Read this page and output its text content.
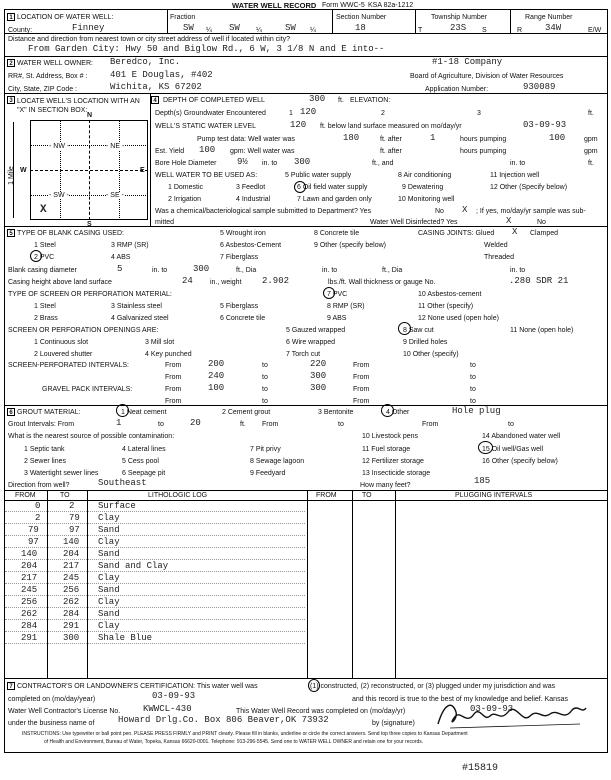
WATER WELL RECORD Form WWC-5 KSA 82a-1212
1 LOCATION OF WATER WELL:	Fraction	Section Number	Township Number	Range Number
County:	Finney	SW ¼ SW ¼	SW ¼	18	T	23S S	R	34W	E/W
Distance and direction from nearest town or city street address of well if located within city?
From Garden City: Hwy 50 and Biglow Rd., 6 W, 3 1/8 N and E into--
2 WATER WELL OWNER: Beredco, Inc.	#1-18 Company
RR#, St. Address, Box # :	401 E Douglas, #402	Board of Agriculture, Division of Water Resources
City, State, ZIP Code :	Wichita, KS 67202	Application Number:	930089
3 LOCATE WELL'S LOCATION WITH AN "X" IN SECTION BOX:
N
S
W	E
- NW -	- NE -
- SW -	- SE -
1 Mile
X
4 DEPTH OF COMPLETED WELL	300 ft. ELEVATION:
Depth(s) Groundwater Encountered	1 120	2	3	ft.
WELL'S STATIC WATER LEVEL	120 ft. below land surface measured on mo/day/yr	03-09-93
Pump test data: Well water was	180	ft. after	1	hours pumping	100	gpm
Est. Yield 100 gpm: Well water was	ft. after	hours pumping	gpm
Bore Hole Diameter 9½ in. to 300	ft., and	in. to	ft.
WELL WATER TO BE USED AS:	5 Public water supply	8 Air conditioning	11 Injection well
1 Domestic	3 Feedlot	6 Oil field water supply	9 Dewatering	12 Other (Specify below)
2 Irrigation	4 Industrial	7 Lawn and garden only	10 Monitoring well
Was a chemical/bacteriological sample submitted to Department? Yes	X
No	; If yes, mo/day/yr sample was sub-
mitted	Water Well Disinfected? Yes	X	No
5 TYPE OF BLANK CASING USED:	5 Wrought iron	8 Concrete tile	CASING JOINTS: Glued X Clamped
1 Steel	3 RMP (SR)	6 Asbestos-Cement	9 Other (specify below)	Welded
2 PVC	4 ABS	7 Fiberglass	Threaded
Blank casing diameter	5	in. to	300	ft., Dia	in. to	ft., Dia	in. to
Casing height above land surface	24 in., weight 2.902	lbs./ft. Wall thickness or gauge No.	.280 SDR 21
TYPE OF SCREEN OR PERFORATION MATERIAL:	7 PVC	10 Asbestos-cement
1 Steel	3 Stainless steel	5 Fiberglass	8 RMP (SR)	11 Other (specify)
2 Brass	4 Galvanized steel	6 Concrete tile	9 ABS	12 None used (open hole)
SCREEN OR PERFORATION OPENINGS ARE:	5 Gauzed wrapped	8 Saw cut	11 None (open hole)
1 Continuous slot	3 Mill slot	6 Wire wrapped	9 Drilled holes
2 Louvered shutter	4 Key punched	7 Torch cut	10 Other (specify)
SCREEN-PERFORATED INTERVALS:	From	200	to	220	From	to
From	240	to	300	From	to
GRAVEL PACK INTERVALS:	From	100	to	300	From	to
From	to	From	to
6 GROUT MATERIAL:	1 Neat cement	2 Cement grout	3 Bentonite	4 Other	Hole plug
Grout Intervals: From	1	to	20	ft. From	to	From	to
What is the nearest source of possible contamination:	10 Livestock pens	14 Abandoned water well
1 Septic tank	4 Lateral lines	7 Pit privy	11 Fuel storage	15 Oil well/Gas well
2 Sewer lines	5 Cess pool	8 Sewage lagoon	12 Fertilizer storage	16 Other (specify below)
3 Watertight sewer lines	6 Seepage pit	9 Feedyard	13 Insecticide storage
Direction from well?	Southeast	How many feet?	185
FROM	TO	LITHOLOGIC LOG	FROM	TO	PLUGGING INTERVALS
0	2	Surface
2	79 Clay
79	97 Sand
97	140 Clay
140	204 Sand
204	217 Sand and Clay
217	245 Clay
245	256 Sand
256	262 Clay
262	284 Sand
284	291 Clay
291	300 Shale Blue
7 CONTRACTOR'S OR LANDOWNER'S CERTIFICATION: This water well was	(1) constructed, (2) reconstructed, or (3) plugged under my jurisdiction and was
completed on (mo/day/year)	03-09-93	and this record is true to the best of my knowledge and belief. Kansas
Water Well Contractor's License No.	KWWCL-430	This Water Well Record was completed on (mo/day/yr)	03-09-93
under the business name of	Howard Drlg.Co. Box 806 Beaver,OK 73932	by (signature)
INSTRUCTIONS: Use typewriter or ball point pen. PLEASE PRESS FIRMLY and PRINT clearly. Please fill in blanks, underline or circle the correct answers. Send top three copies to Kansas Department
of Health and Environment, Bureau of Water, Topeka, Kansas 66620-0001. Telephone: 913-296-5545. Send one to WATER WELL OWNER and retain one for your records.
#15819
